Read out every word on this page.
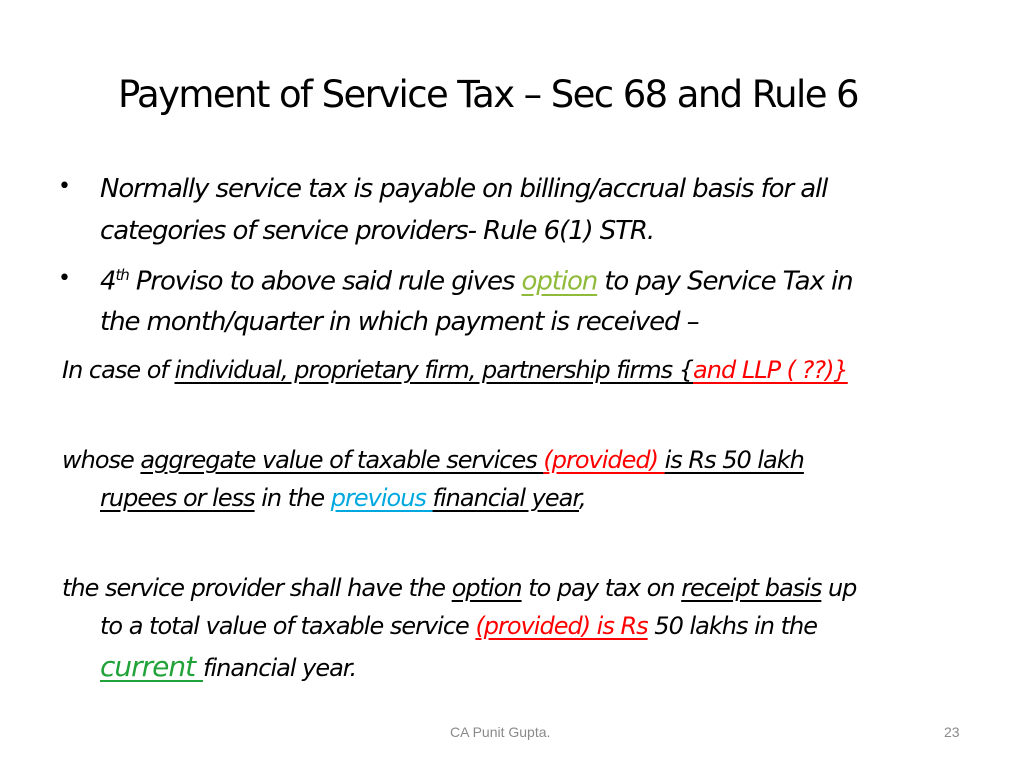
Payment of Service Tax – Sec 68 and Rule 6
• Normally service tax is payable on billing/accrual basis for all
categories of service providers- Rule 6(1) STR.
• 4th Proviso to above said rule gives option to pay Service Tax in
the month/quarter in which payment is received –
In case of individual, proprietary firm, partnership firms {and LLP ( ??)}
whose aggregate value of taxable services (provided) is Rs 50 lakh
rupees or less in the previous financial year,
the service provider shall have the option to pay tax on receipt basis up
to a total value of taxable service (provided) is Rs 50 lakhs in the
current financial year.
CA Punit Gupta.	23
